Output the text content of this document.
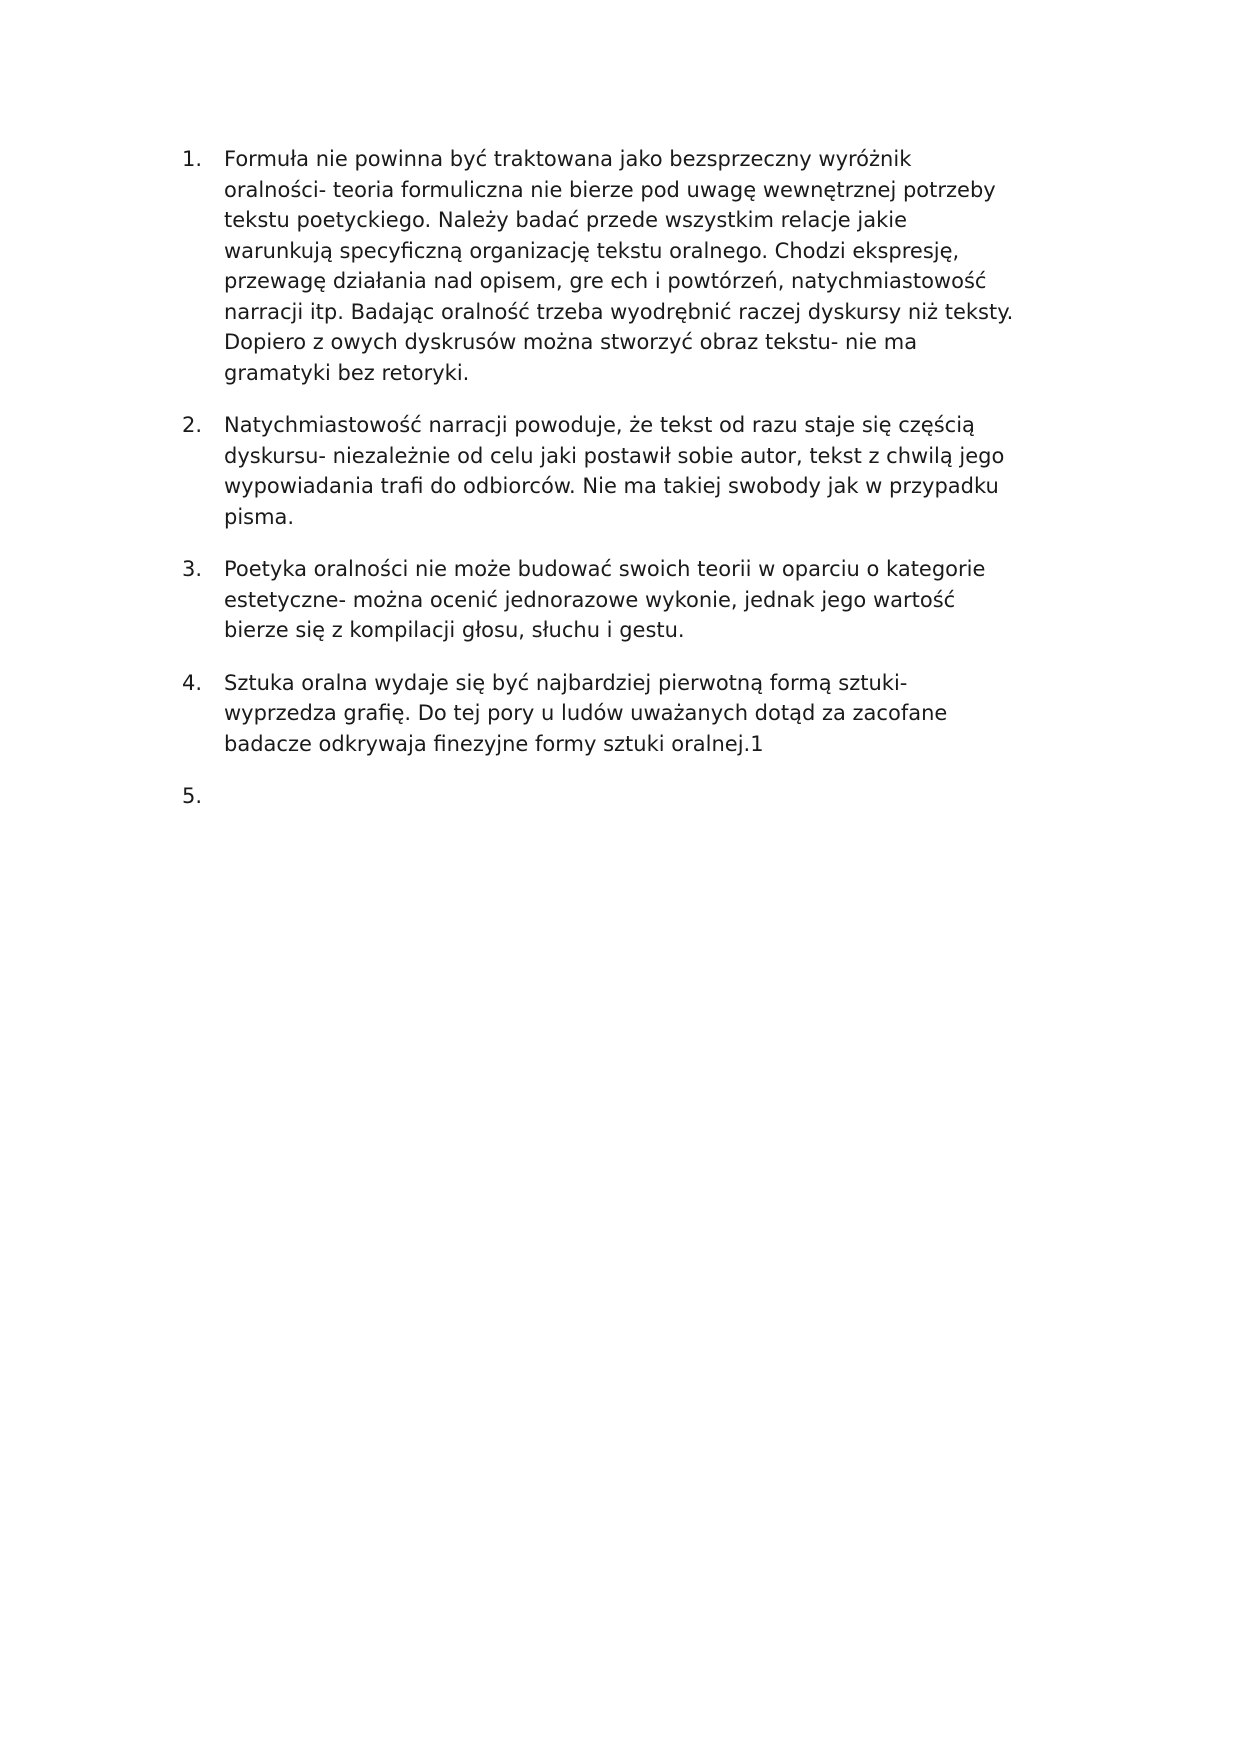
1.	Formuła nie powinna być traktowana jako bezsprzeczny wyróżnik
oralności- teoria formuliczna nie bierze pod uwagę wewnętrznej potrzeby
tekstu poetyckiego. Należy badać przede wszystkim relacje jakie
warunkują specyficzną organizację tekstu oralnego. Chodzi ekspresję,
przewagę działania nad opisem, gre ech i powtórzeń, natychmiastowość
narracji itp. Badając oralność trzeba wyodrębnić raczej dyskursy niż teksty.
Dopiero z owych dyskrusów można stworzyć obraz tekstu- nie ma
gramatyki bez retoryki.
2.	Natychmiastowość narracji powoduje, że tekst od razu staje się częścią
dyskursu- niezależnie od celu jaki postawił sobie autor, tekst z chwilą jego
wypowiadania trafi do odbiorców. Nie ma takiej swobody jak w przypadku
pisma.
3.	Poetyka oralności nie może budować swoich teorii w oparciu o kategorie
estetyczne- można ocenić jednorazowe wykonie, jednak jego wartość
bierze się z kompilacji głosu, słuchu i gestu.
4.	Sztuka oralna wydaje się być najbardziej pierwotną formą sztuki-
wyprzedza grafię. Do tej pory u ludów uważanych dotąd za zacofane
badacze odkrywaja finezyjne formy sztuki oralnej.1
5.
